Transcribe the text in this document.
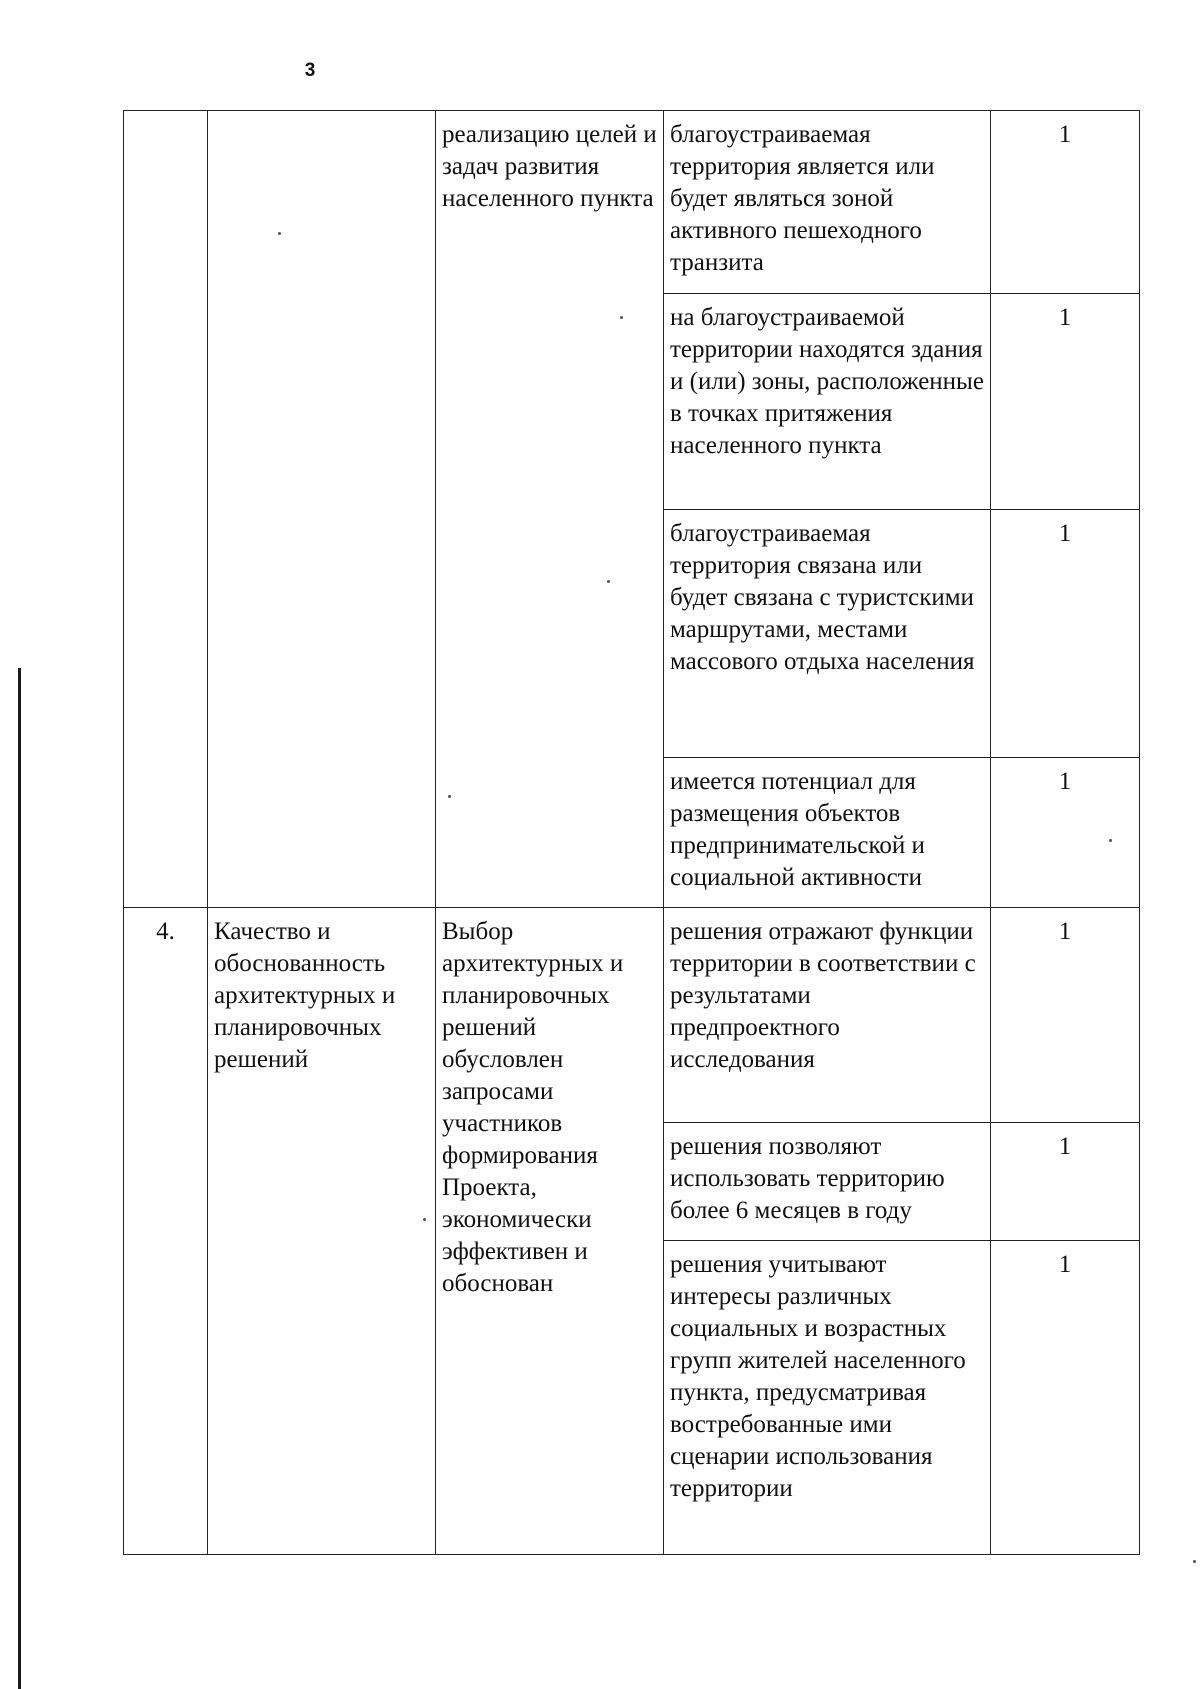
3
		реализацию целей и задач развития населенного пункта	благоустраиваемая территория является или будет являться зоной активного пешеходного транзита	1
			на благоустраиваемой территории находятся здания и (или) зоны, расположенные в точках притяжения населенного пункта	1
			благоустраиваемая территория связана или будет связана с туристскими маршрутами, местами массового отдыха населения	1
			имеется потенциал для размещения объектов предпринимательской и социальной активности	1
4.	Качество и обоснованность архитектурных и планировочных решений	Выбор архитектурных и планировочных решений обусловлен запросами участников формирования Проекта, экономически эффективен и обоснован	решения отражают функции территории в соответствии с результатами предпроектного исследования	1
			решения позволяют использовать территорию более 6 месяцев в году	1
			решения учитывают интересы различных социальных и возрастных групп жителей населенного пункта, предусматривая востребованные ими сценарии использования территории	1
